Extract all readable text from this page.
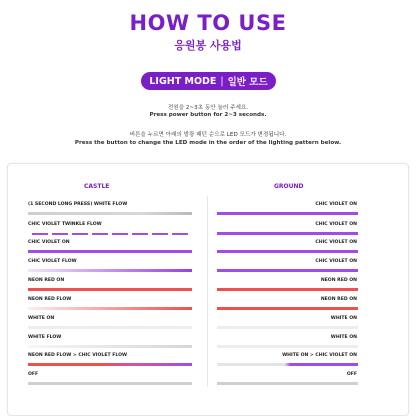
HOW TO USE
응원봉 사용법
LIGHT MODE | 일반 모드
전원을 2~3초 동안 눌러 주세요.
Press power button for 2~3 seconds.
버튼을 누르면 아래의 발광 패턴 순으로 LED 모드가 변경됩니다.
Press the button to change the LED mode in the order of the lighting pattern below.
CASTLE	GROUND
(1 SECOND LONG PRESS) WHITE FLOW	CHIC VIOLET ON
CHIC VIOLET TWINKLE FLOW	CHIC VIOLET ON
CHIC VIOLET ON	CHIC VIOLET ON
CHIC VIOLET FLOW	CHIC VIOLET ON
NEON RED ON	NEON RED ON
NEON RED FLOW	NEON RED ON
WHITE ON	WHITE ON
WHITE FLOW	WHITE ON
NEON RED FLOW > CHIC VIOLET FLOW	WHITE ON > CHIC VIOLET ON
OFF	OFF
